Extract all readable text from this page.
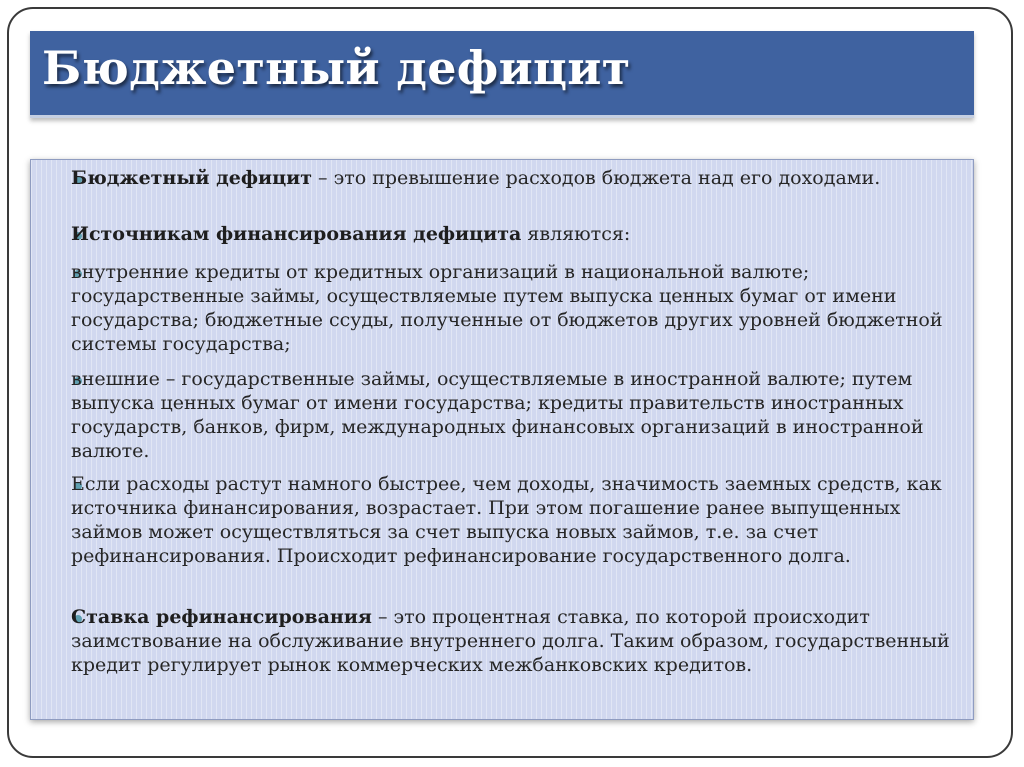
Бюджетный дефицит
Бюджетный дефицит – это превышение расходов бюджета над его доходами.
Источникам финансирования дефицита являются:
внутренние кредиты от кредитных организаций в национальной валюте; государственные займы, осуществляемые путем выпуска ценных бумаг от имени государства; бюджетные ссуды, полученные от бюджетов других уровней бюджетной системы государства;
внешние – государственные займы, осуществляемые в иностранной валюте; путем выпуска ценных бумаг от имени государства; кредиты правительств иностранных государств, банков, фирм, международных финансовых организаций в иностранной валюте.
Если расходы растут намного быстрее, чем доходы, значимость заемных средств, как источника финансирования, возрастает. При этом погашение ранее выпущенных займов может осуществляться за счет выпуска новых займов, т.е. за счет рефинансирования. Происходит рефинансирование государственного долга.
Ставка рефинансирования – это процентная ставка, по которой происходит заимствование на обслуживание внутреннего долга. Таким образом, государственный кредит регулирует рынок коммерческих межбанковских кредитов.
